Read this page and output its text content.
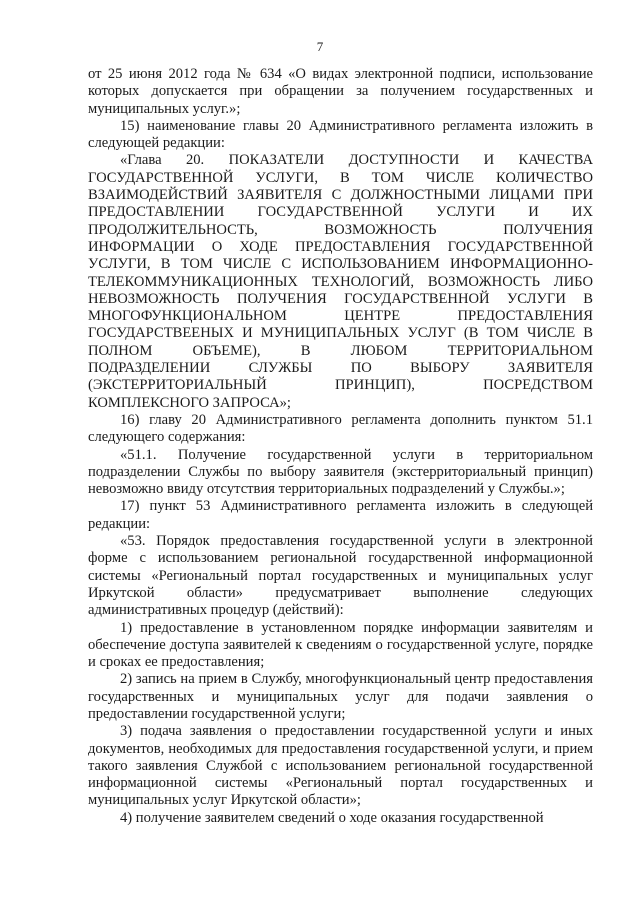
7

от 25 июня 2012 года № 634 «О видах электронной подписи, использование которых допускается при обращении за получением государственных и муниципальных услуг.»;

15) наименование главы 20 Административного регламента изложить в следующей редакции:

«Глава 20. ПОКАЗАТЕЛИ ДОСТУПНОСТИ И КАЧЕСТВА
ГОСУДАРСТВЕННОЙ УСЛУГИ, В ТОМ ЧИСЛЕ КОЛИЧЕСТВО
ВЗАИМОДЕЙСТВИЙ ЗАЯВИТЕЛЯ С ДОЛЖНОСТНЫМИ ЛИЦАМИ ПРИ
ПРЕДОСТАВЛЕНИИ ГОСУДАРСТВЕННОЙ УСЛУГИ И ИХ
ПРОДОЛЖИТЕЛЬНОСТЬ, ВОЗМОЖНОСТЬ ПОЛУЧЕНИЯ
ИНФОРМАЦИИ О ХОДЕ ПРЕДОСТАВЛЕНИЯ ГОСУДАРСТВЕННОЙ
УСЛУГИ, В ТОМ ЧИСЛЕ С ИСПОЛЬЗОВАНИЕМ ИНФОРМАЦИОННО-
ТЕЛЕКОММУНИКАЦИОННЫХ ТЕХНОЛОГИЙ, ВОЗМОЖНОСТЬ ЛИБО
НЕВОЗМОЖНОСТЬ ПОЛУЧЕНИЯ ГОСУДАРСТВЕННОЙ УСЛУГИ В
МНОГОФУНКЦИОНАЛЬНОМ ЦЕНТРЕ ПРЕДОСТАВЛЕНИЯ
ГОСУДАРСТВЕЕНЫХ И МУНИЦИПАЛЬНЫХ УСЛУГ (В ТОМ ЧИСЛЕ В
ПОЛНОМ ОБЪЕМЕ), В ЛЮБОМ ТЕРРИТОРИАЛЬНОМ
ПОДРАЗДЕЛЕНИИ СЛУЖБЫ ПО ВЫБОРУ ЗАЯВИТЕЛЯ
(ЭКСТЕРРИТОРИАЛЬНЫЙ ПРИНЦИП), ПОСРЕДСТВОМ
КОМПЛЕКСНОГО ЗАПРОСА»;

16) главу 20 Административного регламента дополнить пунктом 51.1 следующего содержания:

«51.1. Получение государственной услуги в территориальном подразделении Службы по выбору заявителя (экстерриториальный принцип) невозможно ввиду отсутствия территориальных подразделений у Службы.»;

17) пункт 53 Административного регламента изложить в следующей редакции:

«53. Порядок предоставления государственной услуги в электронной форме с использованием региональной государственной информационной системы «Региональный портал государственных и муниципальных услуг Иркутской области» предусматривает выполнение следующих административных процедур (действий):

1) предоставление в установленном порядке информации заявителям и обеспечение доступа заявителей к сведениям о государственной услуге, порядке и сроках ее предоставления;

2) запись на прием в Службу, многофункциональный центр предоставления государственных и муниципальных услуг для подачи заявления о предоставлении государственной услуги;

3) подача заявления о предоставлении государственной услуги и иных документов, необходимых для предоставления государственной услуги, и прием такого заявления Службой с использованием региональной государственной информационной системы «Региональный портал государственных и муниципальных услуг Иркутской области»;

4) получение заявителем сведений о ходе оказания государственной
